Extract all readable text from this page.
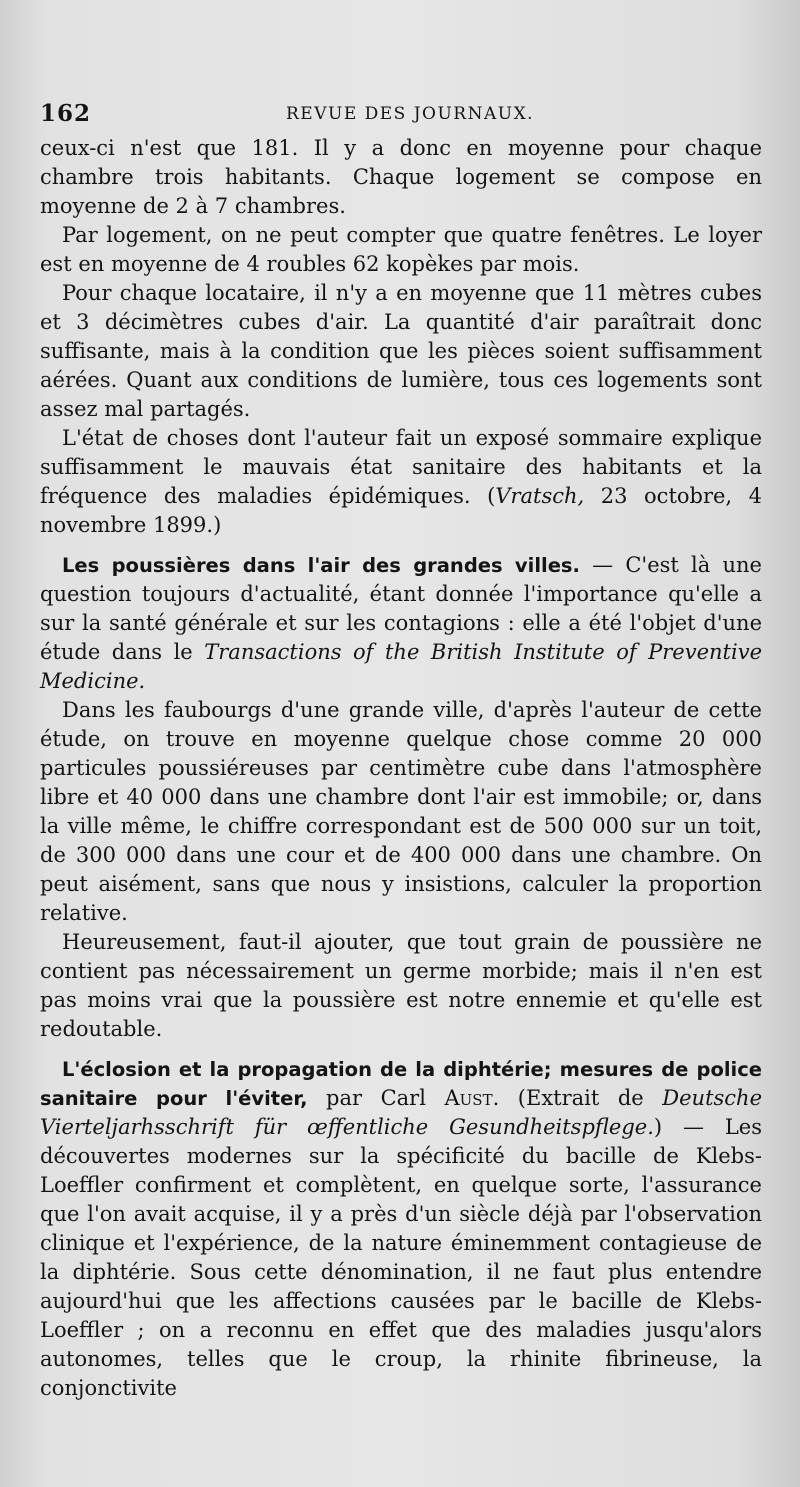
162	REVUE DES JOURNAUX.

ceux-ci n'est que 181. Il y a donc en moyenne pour chaque chambre trois habitants. Chaque logement se compose en moyenne de 2 à 7 chambres.

Par logement, on ne peut compter que quatre fenêtres. Le loyer est en moyenne de 4 roubles 62 kopèkes par mois.

Pour chaque locataire, il n'y a en moyenne que 11 mètres cubes et 3 décimètres cubes d'air. La quantité d'air paraîtrait donc suffisante, mais à la condition que les pièces soient suffisamment aérées. Quant aux conditions de lumière, tous ces logements sont assez mal partagés.

L'état de choses dont l'auteur fait un exposé sommaire explique suffisamment le mauvais état sanitaire des habitants et la fréquence des maladies épidémiques. (Vratsch, 23 octobre, 4 novembre 1899.)

Les poussières dans l'air des grandes villes. — C'est là une question toujours d'actualité, étant donnée l'importance qu'elle a sur la santé générale et sur les contagions : elle a été l'objet d'une étude dans le Transactions of the British Institute of Preventive Medicine.

Dans les faubourgs d'une grande ville, d'après l'auteur de cette étude, on trouve en moyenne quelque chose comme 20 000 particules poussiéreuses par centimètre cube dans l'atmosphère libre et 40 000 dans une chambre dont l'air est immobile; or, dans la ville même, le chiffre correspondant est de 500 000 sur un toit, de 300 000 dans une cour et de 400 000 dans une chambre. On peut aisément, sans que nous y insistions, calculer la proportion relative.

Heureusement, faut-il ajouter, que tout grain de poussière ne contient pas nécessairement un germe morbide; mais il n'en est pas moins vrai que la poussière est notre ennemie et qu'elle est redoutable.

L'éclosion et la propagation de la diphtérie; mesures de police sanitaire pour l'éviter, par Carl Aust. (Extrait de Deutsche Vierteljarhsschrift für œffentliche Gesundheitspflege.) — Les découvertes modernes sur la spécificité du bacille de Klebs-Loeffler confirment et complètent, en quelque sorte, l'assurance que l'on avait acquise, il y a près d'un siècle déjà par l'observation clinique et l'expérience, de la nature éminemment contagieuse de la diphtérie. Sous cette dénomination, il ne faut plus entendre aujourd'hui que les affections causées par le bacille de Klebs-Loeffler ; on a reconnu en effet que des maladies jusqu'alors autonomes, telles que le croup, la rhinite fibrineuse, la conjonctivite
